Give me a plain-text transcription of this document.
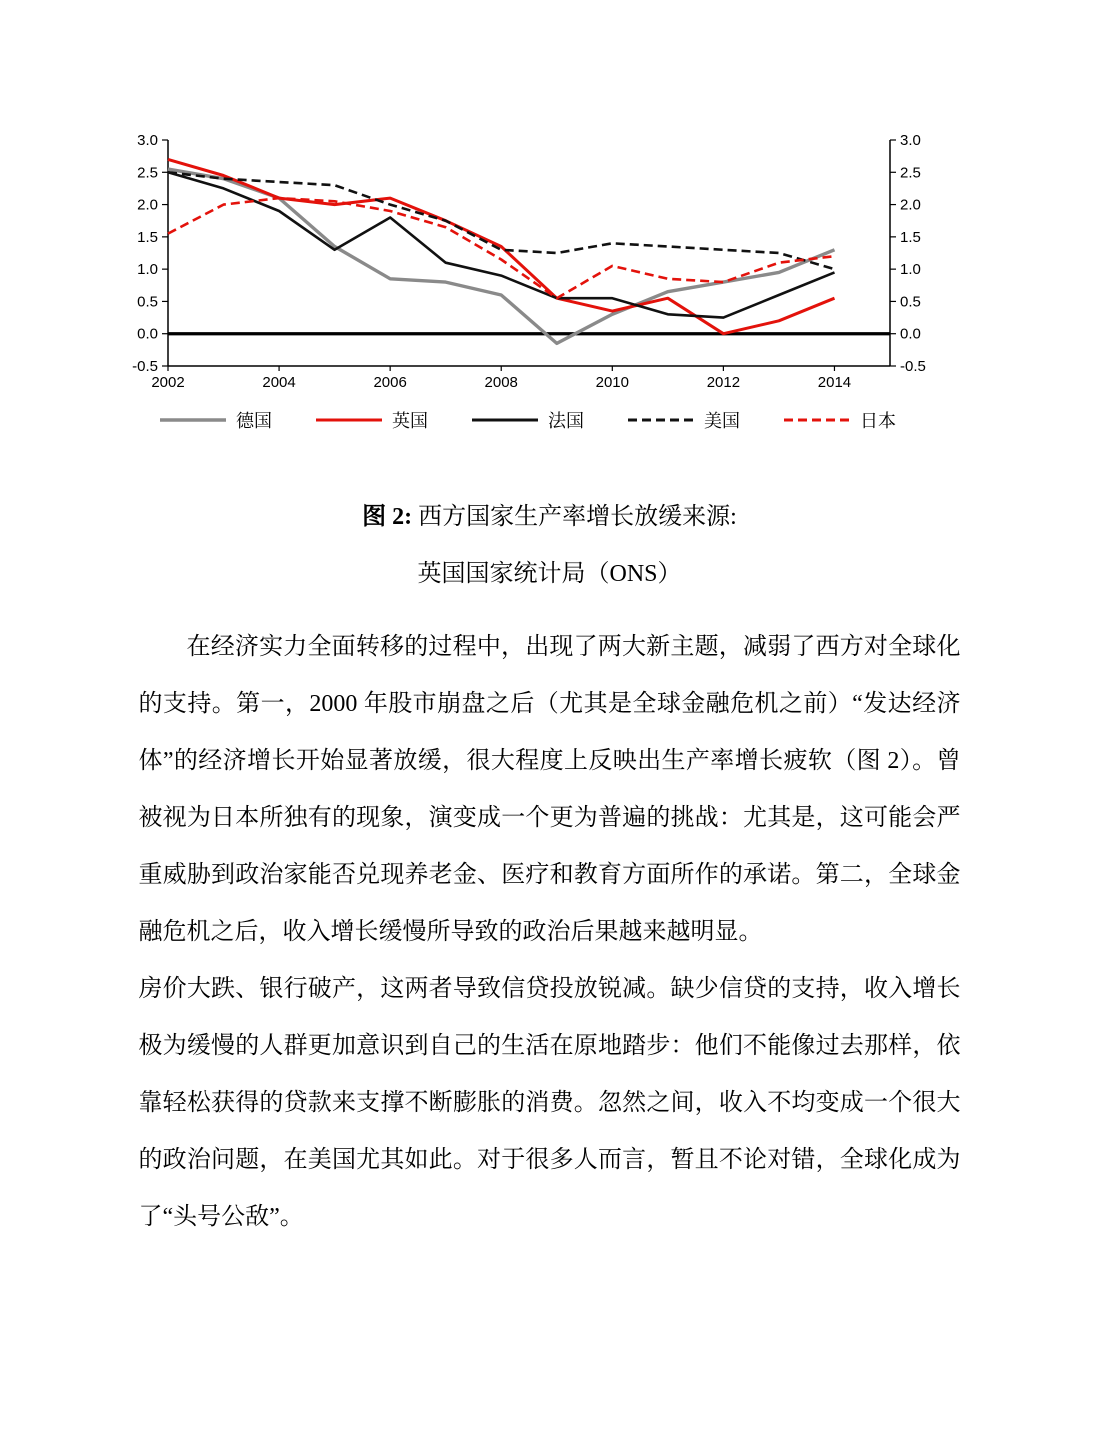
3.0	3.0
2.5	2.5
2.0	2.0
1.5	1.5
1.0	1.0
0.5	0.5
0.0	0.0
-0.5	-0.5
2002	2004	2006	2008	2010	2012	2014
德国	英国	法国	美国	日本
图 2: 西方国家生产率增长放缓来源:
英国国家统计局（ONS）

在经济实力全面转移的过程中，出现了两大新主题，减弱了西方对全球化的支持。第一，2000 年股市崩盘之后（尤其是全球金融危机之前）“发达经济体”的经济增长开始显著放缓，很大程度上反映出生产率增长疲软（图 2）。曾被视为日本所独有的现象，演变成一个更为普遍的挑战：尤其是，这可能会严重威胁到政治家能否兑现养老金、医疗和教育方面所作的承诺。第二，全球金融危机之后，收入增长缓慢所导致的政治后果越来越明显。

房价大跌、银行破产，这两者导致信贷投放锐减。缺少信贷的支持，收入增长极为缓慢的人群更加意识到自己的生活在原地踏步：他们不能像过去那样，依靠轻松获得的贷款来支撑不断膨胀的消费。忽然之间，收入不均变成一个很大的政治问题，在美国尤其如此。对于很多人而言，暂且不论对错，全球化成为了“头号公敌”。
